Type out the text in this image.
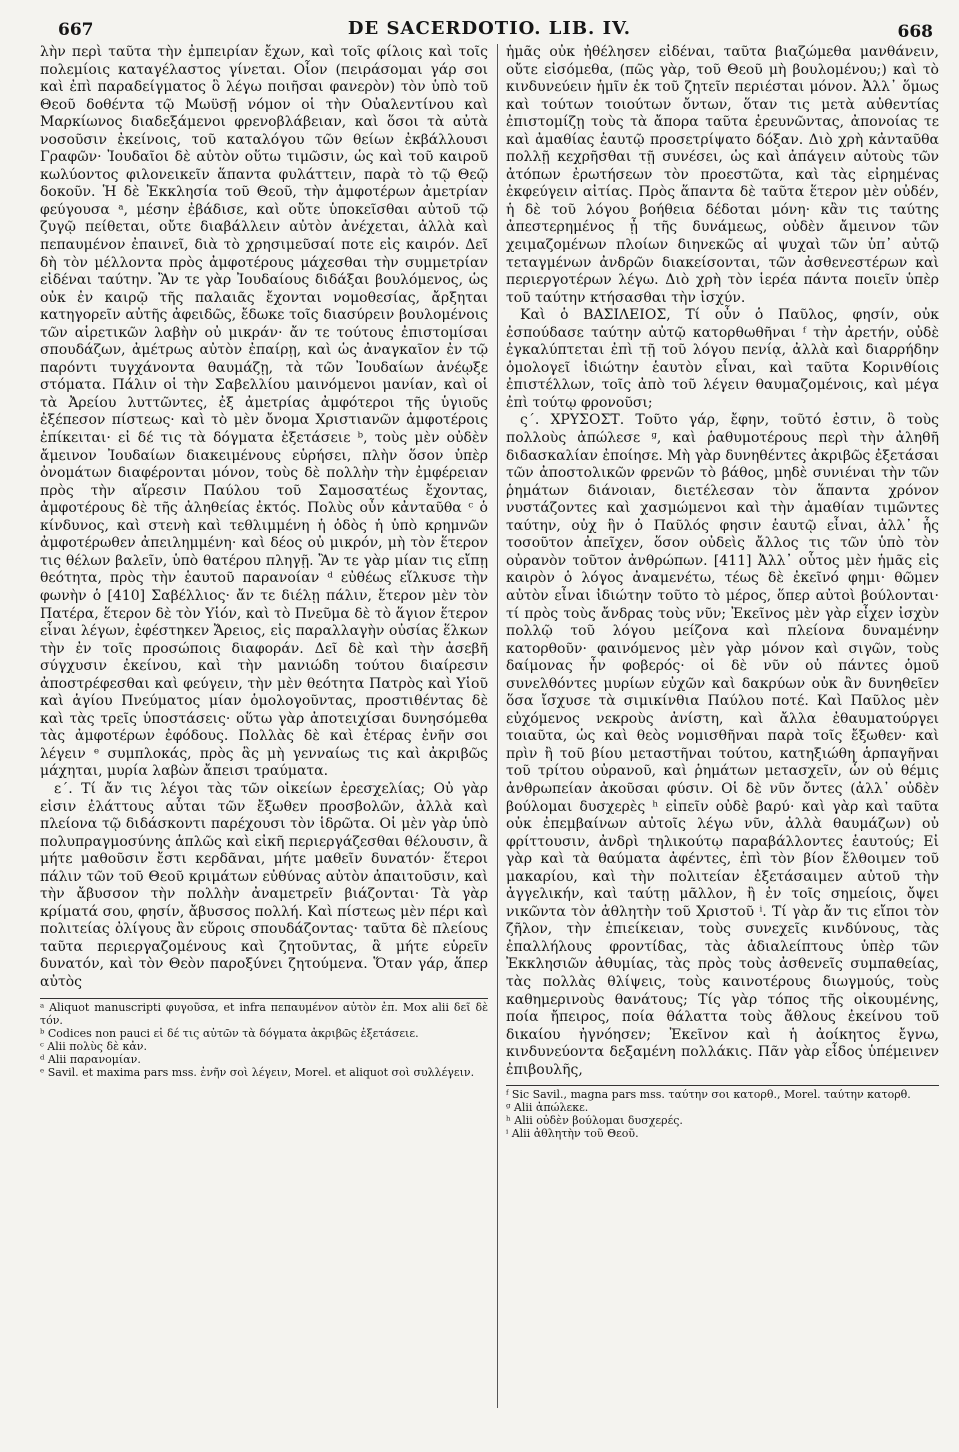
667	DE SACERDOTIO. LIB. IV.	668

λὴν περὶ ταῦτα τὴν ἐμπειρίαν ἔχων, καὶ τοῖς φίλοις καὶ τοῖς πολεμίοις καταγέλαστος γίνεται. Οἷον (πειράσομαι γάρ σοι καὶ ἐπὶ παραδείγματος ὃ λέγω ποιῆσαι φανερὸν) τὸν ὑπὸ τοῦ Θεοῦ δοθέντα τῷ Μωϋσῇ νόμον οἱ τὴν Οὐαλεντίνου καὶ Μαρκίωνος διαδεξάμενοι φρενοβλάβειαν, καὶ ὅσοι τὰ αὐτὰ νοσοῦσιν ἐκείνοις, τοῦ καταλόγου τῶν θείων ἐκβάλλουσι Γραφῶν· Ἰουδαῖοι δὲ αὐτὸν οὕτω τιμῶσιν, ὡς καὶ τοῦ καιροῦ κωλύοντος φιλονεικεῖν ἅπαντα φυλάττειν, παρὰ τὸ τῷ Θεῷ δοκοῦν. Ἡ δὲ Ἐκκλησία τοῦ Θεοῦ, τὴν ἀμφοτέρων ἀμετρίαν φεύγουσα ᵃ, μέσην ἐβάδισε, καὶ οὔτε ὑποκεῖσθαι αὐτοῦ τῷ ζυγῷ πείθεται, οὔτε διαβάλλειν αὐτὸν ἀνέχεται, ἀλλὰ καὶ πεπαυμένον ἐπαινεῖ, διὰ τὸ χρησιμεῦσαί ποτε εἰς καιρόν. Δεῖ δὴ τὸν μέλλοντα πρὸς ἀμφοτέρους μάχεσθαι τὴν συμμετρίαν εἰδέναι ταύτην. Ἂν τε γὰρ Ἰουδαίους διδάξαι βουλόμενος, ὡς οὐκ ἐν καιρῷ τῆς παλαιᾶς ἔχονται νομοθεσίας, ἄρξηται κατηγορεῖν αὐτῆς ἀφειδῶς, ἔδωκε τοῖς διασύρειν βουλομένοις τῶν αἱρετικῶν λαβὴν οὐ μικράν· ἄν τε τούτους ἐπιστομίσαι σπουδάζων, ἀμέτρως αὐτὸν ἐπαίρῃ, καὶ ὡς ἀναγκαῖον ἐν τῷ παρόντι τυγχάνοντα θαυμάζῃ, τὰ τῶν Ἰουδαίων ἀνέῳξε στόματα. Πάλιν οἱ τὴν Σαβελλίου μαινόμενοι μανίαν, καὶ οἱ τὰ Ἀρείου λυττῶντες, ἐξ ἀμετρίας ἀμφότεροι τῆς ὑγιοῦς ἐξέπεσον πίστεως· καὶ τὸ μὲν ὄνομα Χριστιανῶν ἀμφοτέροις ἐπίκειται· εἰ δέ τις τὰ δόγματα ἐξετάσειε ᵇ, τοὺς μὲν οὐδὲν ἄμεινον Ἰουδαίων διακειμένους εὑρήσει, πλὴν ὅσον ὑπὲρ ὀνομάτων διαφέρονται μόνον, τοὺς δὲ πολλὴν τὴν ἐμφέρειαν πρὸς τὴν αἵρεσιν Παύλου τοῦ Σαμοσατέως ἔχοντας, ἀμφοτέρους δὲ τῆς ἀληθείας ἐκτός. Πολὺς οὖν κἀνταῦθα ᶜ ὁ κίνδυνος, καὶ στενὴ καὶ τεθλιμμένη ἡ ὁδὸς ἡ ὑπὸ κρημνῶν ἀμφοτέρωθεν ἀπειλημμένη· καὶ δέος οὐ μικρόν, μὴ τὸν ἕτερον τις θέλων βαλεῖν, ὑπὸ θατέρου πληγῇ. Ἂν τε γὰρ μίαν τις εἴπῃ θεότητα, πρὸς τὴν ἑαυτοῦ παρανοίαν ᵈ εὐθέως εἵλκυσε τὴν φωνὴν ὁ [410] Σαβέλλιος· ἄν τε διέλῃ πάλιν, ἕτερον μὲν τὸν Πατέρα, ἕτερον δὲ τὸν Υἱόν, καὶ τὸ Πνεῦμα δὲ τὸ ἅγιον ἕτερον εἶναι λέγων, ἐφέστηκεν Ἄρειος, εἰς παραλλαγὴν οὐσίας ἕλκων τὴν ἐν τοῖς προσώποις διαφοράν. Δεῖ δὲ καὶ τὴν ἀσεβῆ σύγχυσιν ἐκείνου, καὶ τὴν μανιώδη τούτου διαίρεσιν ἀποστρέφεσθαι καὶ φεύγειν, τὴν μὲν θεότητα Πατρὸς καὶ Υἱοῦ καὶ ἁγίου Πνεύματος μίαν ὁμολογοῦντας, προστιθέντας δὲ καὶ τὰς τρεῖς ὑποστάσεις· οὕτω γὰρ ἀποτειχίσαι δυνησόμεθα τὰς ἀμφοτέρων ἐφόδους. Πολλὰς δὲ καὶ ἑτέρας ἐνῆν σοι λέγειν ᵉ συμπλοκάς, πρὸς ἃς μὴ γενναίως τις καὶ ἀκριβῶς μάχηται, μυρία λαβὼν ἄπεισι τραύματα.

ε΄. Τί ἄν τις λέγοι τὰς τῶν οἰκείων ἐρεσχελίας; Οὐ γὰρ εἰσιν ἐλάττους αὗται τῶν ἔξωθεν προσβολῶν, ἀλλὰ καὶ πλείονα τῷ διδάσκοντι παρέχουσι τὸν ἱδρῶτα. Οἱ μὲν γὰρ ὑπὸ πολυπραγμοσύνης ἁπλῶς καὶ εἰκῆ περιεργάζεσθαι θέλουσιν, ἃ μήτε μαθοῦσιν ἔστι κερδᾶναι, μήτε μαθεῖν δυνατόν· ἕτεροι πάλιν τῶν τοῦ Θεοῦ κριμάτων εὐθύνας αὐτὸν ἀπαιτοῦσιν, καὶ τὴν ἄβυσσον τὴν πολλὴν ἀναμετρεῖν βιάζονται· Τὰ γὰρ κρίματά σου, φησίν, ἄβυσσος πολλή. Καὶ πίστεως μὲν πέρι καὶ πολιτείας ὀλίγους ἂν εὕροις σπουδάζοντας· ταῦτα δὲ πλείους ταῦτα περιεργαζομένους καὶ ζητοῦντας, ἃ μήτε εὑρεῖν δυνατόν, καὶ τὸν Θεὸν παροξύνει ζητούμενα. Ὅταν γάρ, ἅπερ αὐτὸς

ᵃ Aliquot manuscripti φυγοῦσα, et infra πεπαυμένον αὐτὸν ἐπ. Mox alii δεῖ δὲ τόν.

ᵇ Codices non pauci εἰ δέ τις αὐτῶν τὰ δόγματα ἀκριβῶς ἐξετάσειε.

ᶜ Alii πολὺς δὲ κἀν.

ᵈ Alii παρανομίαν.

ᵉ Savil. et maxima pars mss. ἐνῆν σοὶ λέγειν, Morel. et aliquot σοὶ συλλέγειν.

ἡμᾶς οὐκ ἠθέλησεν εἰδέναι, ταῦτα βιαζώμεθα μανθάνειν, οὔτε εἰσόμεθα, (πῶς γὰρ, τοῦ Θεοῦ μὴ βουλομένου;) καὶ τὸ κινδυνεύειν ἡμῖν ἐκ τοῦ ζητεῖν περιέσται μόνον. Ἀλλ᾽ ὅμως καὶ τούτων τοιούτων ὄντων, ὅταν τις μετὰ αὐθεντίας ἐπιστομίζῃ τοὺς τὰ ἄπορα ταῦτα ἐρευνῶντας, ἀπονοίας τε καὶ ἀμαθίας ἑαυτῷ προσετρίψατο δόξαν. Διὸ χρὴ κἀνταῦθα πολλῇ κεχρῆσθαι τῇ συνέσει, ὡς καὶ ἀπάγειν αὐτοὺς τῶν ἀτόπων ἐρωτήσεων τὸν προεστῶτα, καὶ τὰς εἰρημένας ἐκφεύγειν αἰτίας. Πρὸς ἅπαντα δὲ ταῦτα ἕτερον μὲν οὐδέν, ἡ δὲ τοῦ λόγου βοήθεια δέδοται μόνη· κἂν τις ταύτης ἀπεστερημένος ᾖ τῆς δυνάμεως, οὐδὲν ἄμεινον τῶν χειμαζομένων πλοίων διηνεκῶς αἱ ψυχαὶ τῶν ὑπ᾽ αὐτῷ τεταγμένων ἀνδρῶν διακείσονται, τῶν ἀσθενεστέρων καὶ περιεργοτέρων λέγω. Διὸ χρὴ τὸν ἱερέα πάντα ποιεῖν ὑπὲρ τοῦ ταύτην κτήσασθαι τὴν ἰσχύν.

Καὶ ὁ ΒΑΣΙΛΕΙΟΣ, Τί οὖν ὁ Παῦλος, φησίν, οὐκ ἐσπούδασε ταύτην αὐτῷ κατορθωθῆναι ᶠ τὴν ἀρετήν, οὐδὲ ἐγκαλύπτεται ἐπὶ τῇ τοῦ λόγου πενίᾳ, ἀλλὰ καὶ διαρρήδην ὁμολογεῖ ἰδιώτην ἑαυτὸν εἶναι, καὶ ταῦτα Κορινθίοις ἐπιστέλλων, τοῖς ἀπὸ τοῦ λέγειν θαυμαζομένοις, καὶ μέγα ἐπὶ τούτῳ φρονοῦσι;

ς΄. ΧΡΥΣΟΣΤ. Τοῦτο γάρ, ἔφην, τοῦτό ἐστιν, ὃ τοὺς πολλοὺς ἀπώλεσε ᵍ, καὶ ῥαθυμοτέρους περὶ τὴν ἀληθῆ διδασκαλίαν ἐποίησε. Μὴ γὰρ δυνηθέντες ἀκριβῶς ἐξετάσαι τῶν ἀποστολικῶν φρενῶν τὸ βάθος, μηδὲ συνιέναι τὴν τῶν ῥημάτων διάνοιαν, διετέλεσαν τὸν ἅπαντα χρόνον νυστάζοντες καὶ χασμώμενοι καὶ τὴν ἀμαθίαν τιμῶντες ταύτην, οὐχ ἣν ὁ Παῦλός φησιν ἑαυτῷ εἶναι, ἀλλ᾽ ἧς τοσοῦτον ἀπεῖχεν, ὅσον οὐδεὶς ἄλλος τις τῶν ὑπὸ τὸν οὐρανὸν τοῦτον ἀνθρώπων. [411] Ἀλλ᾽ οὗτος μὲν ἡμᾶς εἰς καιρὸν ὁ λόγος ἀναμενέτω, τέως δὲ ἐκεῖνό φημι· θῶμεν αὐτὸν εἶναι ἰδιώτην τοῦτο τὸ μέρος, ὅπερ αὐτοὶ βούλονται· τί πρὸς τοὺς ἄνδρας τοὺς νῦν; Ἐκεῖνος μὲν γὰρ εἶχεν ἰσχὺν πολλῷ τοῦ λόγου μείζονα καὶ πλείονα δυναμένην κατορθοῦν· φαινόμενος μὲν γὰρ μόνον καὶ σιγῶν, τοὺς δαίμονας ἦν φοβερός· οἱ δὲ νῦν οὐ πάντες ὁμοῦ συνελθόντες μυρίων εὐχῶν καὶ δακρύων οὐκ ἂν δυνηθεῖεν ὅσα ἴσχυσε τὰ σιμικίνθια Παύλου ποτέ. Καὶ Παῦλος μὲν εὐχόμενος νεκροὺς ἀνίστη, καὶ ἄλλα ἐθαυματούργει τοιαῦτα, ὡς καὶ θεὸς νομισθῆναι παρὰ τοῖς ἔξωθεν· καὶ πρὶν ἢ τοῦ βίου μεταστῆναι τούτου, κατηξιώθη ἁρπαγῆναι τοῦ τρίτου οὐρανοῦ, καὶ ῥημάτων μετασχεῖν, ὧν οὐ θέμις ἀνθρωπείαν ἀκοῦσαι φύσιν. Οἱ δὲ νῦν ὄντες (ἀλλ᾽ οὐδὲν βούλομαι δυσχερὲς ʰ εἰπεῖν οὐδὲ βαρύ· καὶ γὰρ καὶ ταῦτα οὐκ ἐπεμβαίνων αὐτοῖς λέγω νῦν, ἀλλὰ θαυμάζων) οὐ φρίττουσιν, ἀνδρὶ τηλικούτῳ παραβάλλοντες ἑαυτούς; Εἰ γὰρ καὶ τὰ θαύματα ἀφέντες, ἐπὶ τὸν βίον ἔλθοιμεν τοῦ μακαρίου, καὶ τὴν πολιτείαν ἐξετάσαιμεν αὐτοῦ τὴν ἀγγελικήν, καὶ ταύτῃ μᾶλλον, ἢ ἐν τοῖς σημείοις, ὄψει νικῶντα τὸν ἀθλητὴν τοῦ Χριστοῦ ⁱ. Τί γὰρ ἄν τις εἴποι τὸν ζῆλον, τὴν ἐπιείκειαν, τοὺς συνεχεῖς κινδύνους, τὰς ἐπαλλήλους φροντίδας, τὰς ἀδιαλείπτους ὑπὲρ τῶν Ἐκκλησιῶν ἀθυμίας, τὰς πρὸς τοὺς ἀσθενεῖς συμπαθείας, τὰς πολλὰς θλίψεις, τοὺς καινοτέρους διωγμούς, τοὺς καθημερινοὺς θανάτους; Τίς γὰρ τόπος τῆς οἰκουμένης, ποία ἤπειρος, ποία θάλαττα τοὺς ἄθλους ἐκείνου τοῦ δικαίου ἠγνόησεν; Ἐκεῖνον καὶ ἡ ἀοίκητος ἔγνω, κινδυνεύοντα δεξαμένη πολλάκις. Πᾶν γὰρ εἶδος ὑπέμεινεν ἐπιβουλῆς,

ᶠ Sic Savil., magna pars mss. ταύτην σοι κατορθ., Morel. ταύτην κατορθ.

ᵍ Alii ἀπώλεκε.

ʰ Alii οὐδὲν βούλομαι δυσχερές.

ⁱ Alii ἀθλητὴν τοῦ Θεοῦ.
